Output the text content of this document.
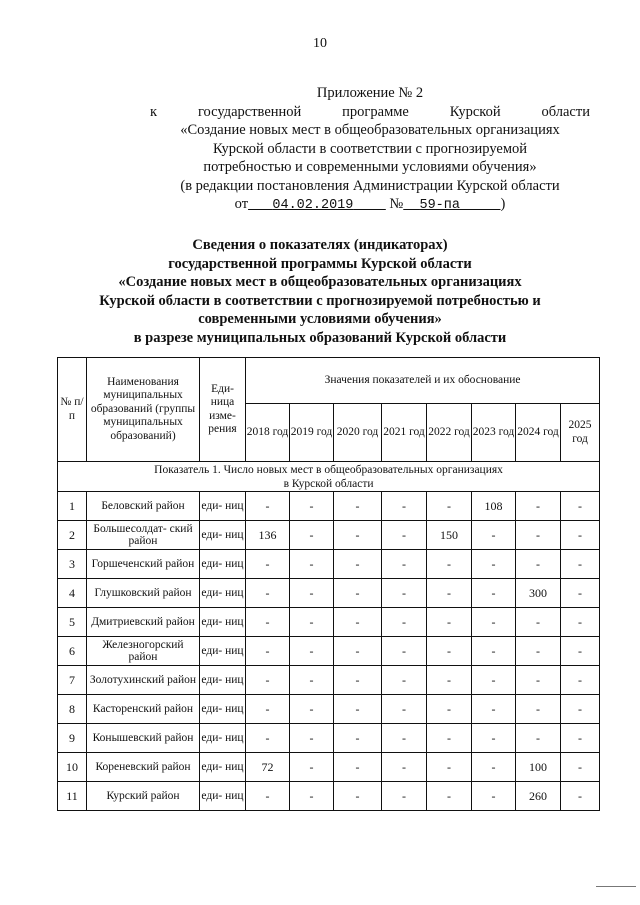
10
Приложение № 2
к	государственной	программе	Курской	области
«Создание новых мест в общеобразовательных организациях
Курской области в соответствии с прогнозируемой
потребностью и современными условиями обучения»
(в редакции постановления Администрации Курской области
от 04.02.2019 № 59-па	)
Сведения о показателях (индикаторах)
государственной программы Курской области
«Создание новых мест в общеобразовательных организациях
Курской области в соответствии с прогнозируемой потребностью и
современными условиями обучения»
в разрезе муниципальных образований Курской области
№ п/п	Наименования муниципальных образований (группы муниципальных образований)	Еди- ница изме- рения	Значения показателей и их обоснование							
			2018 год	2019 год	2020 год	2021 год	2022 год	2023 год	2024 год	2025 год

Показатель 1. Число новых мест в общеобразовательных организациях
в Курской области										

1	Беловский район	еди- ниц	-	-	-	-	-	108	-	-
2	Большесолдат- ский район	еди- ниц	136	-	-	-	150	-	-	-
3	Горшеченский район	еди- ниц	-	-	-	-	-	-	-	-
4	Глушковский район	еди- ниц	-	-	-	-	-	-	300	-
5	Дмитриевский район	еди- ниц	-	-	-	-	-	-	-	-
6	Железногорский район	еди- ниц	-	-	-	-	-	-	-	-
7	Золотухинский район	еди- ниц	-	-	-	-	-	-	-	-
8	Касторенский район	еди- ниц	-	-	-	-	-	-	-	-
9	Конышевский район	еди- ниц	-	-	-	-	-	-	-	-
10	Кореневский район	еди- ниц	72	-	-	-	-	-	100	-
11	Курский район	еди- ниц	-	-	-	-	-	-	260	-
